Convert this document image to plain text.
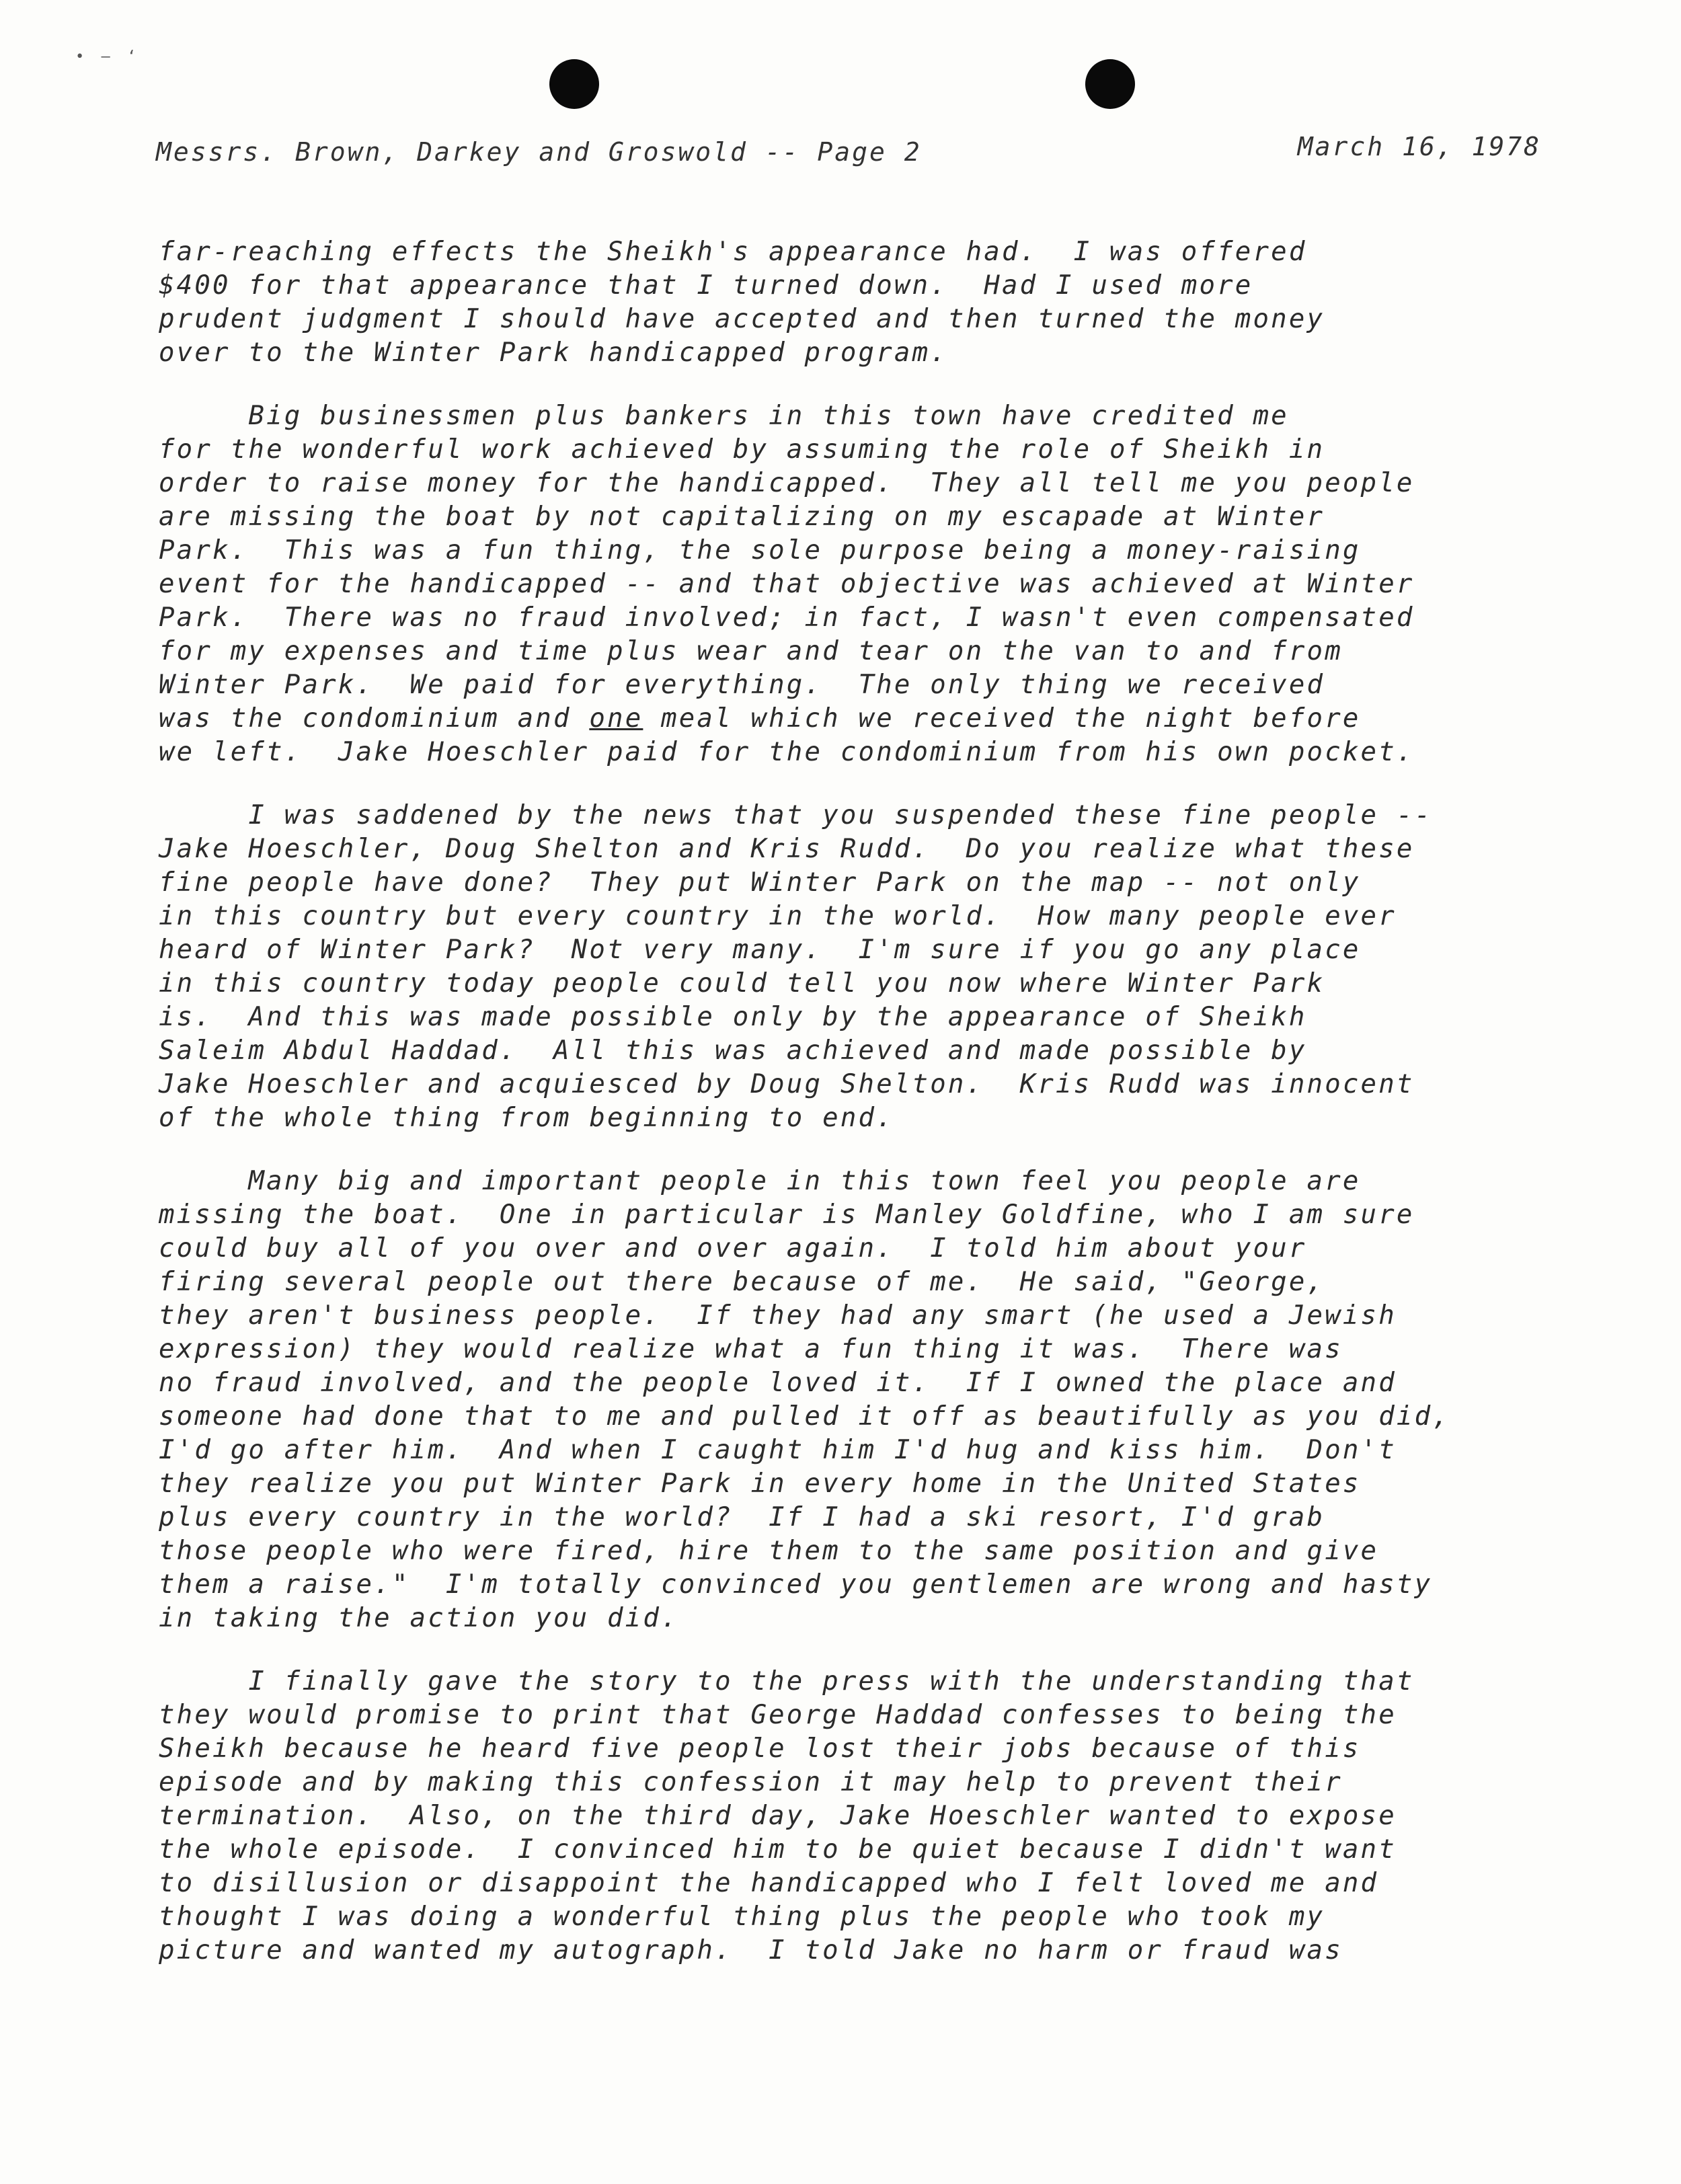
• – ‘
Messrs. Brown, Darkey and Groswold -- Page 2	March 16, 1978
far-reaching effects the Sheikh's appearance had.  I was offered
$400 for that appearance that I turned down.  Had I used more
prudent judgment I should have accepted and then turned the money
over to the Winter Park handicapped program.
Big businessmen plus bankers in this town have credited me
for the wonderful work achieved by assuming the role of Sheikh in
order to raise money for the handicapped.  They all tell me you people
are missing the boat by not capitalizing on my escapade at Winter
Park.  This was a fun thing, the sole purpose being a money-raising
event for the handicapped -- and that objective was achieved at Winter
Park.  There was no fraud involved; in fact, I wasn't even compensated
for my expenses and time plus wear and tear on the van to and from
Winter Park.  We paid for everything.  The only thing we received
was the condominium and one meal which we received the night before
we left.  Jake Hoeschler paid for the condominium from his own pocket.
I was saddened by the news that you suspended these fine people --
Jake Hoeschler, Doug Shelton and Kris Rudd.  Do you realize what these
fine people have done?  They put Winter Park on the map -- not only
in this country but every country in the world.  How many people ever
heard of Winter Park?  Not very many.  I'm sure if you go any place
in this country today people could tell you now where Winter Park
is.  And this was made possible only by the appearance of Sheikh
Saleim Abdul Haddad.  All this was achieved and made possible by
Jake Hoeschler and acquiesced by Doug Shelton.  Kris Rudd was innocent
of the whole thing from beginning to end.
Many big and important people in this town feel you people are
missing the boat.  One in particular is Manley Goldfine, who I am sure
could buy all of you over and over again.  I told him about your
firing several people out there because of me.  He said, "George,
they aren't business people.  If they had any smart (he used a Jewish
expression) they would realize what a fun thing it was.  There was
no fraud involved, and the people loved it.  If I owned the place and
someone had done that to me and pulled it off as beautifully as you did,
I'd go after him.  And when I caught him I'd hug and kiss him.  Don't
they realize you put Winter Park in every home in the United States
plus every country in the world?  If I had a ski resort, I'd grab
those people who were fired, hire them to the same position and give
them a raise."  I'm totally convinced you gentlemen are wrong and hasty
in taking the action you did.
I finally gave the story to the press with the understanding that
they would promise to print that George Haddad confesses to being the
Sheikh because he heard five people lost their jobs because of this
episode and by making this confession it may help to prevent their
termination.  Also, on the third day, Jake Hoeschler wanted to expose
the whole episode.  I convinced him to be quiet because I didn't want
to disillusion or disappoint the handicapped who I felt loved me and
thought I was doing a wonderful thing plus the people who took my
picture and wanted my autograph.  I told Jake no harm or fraud was
